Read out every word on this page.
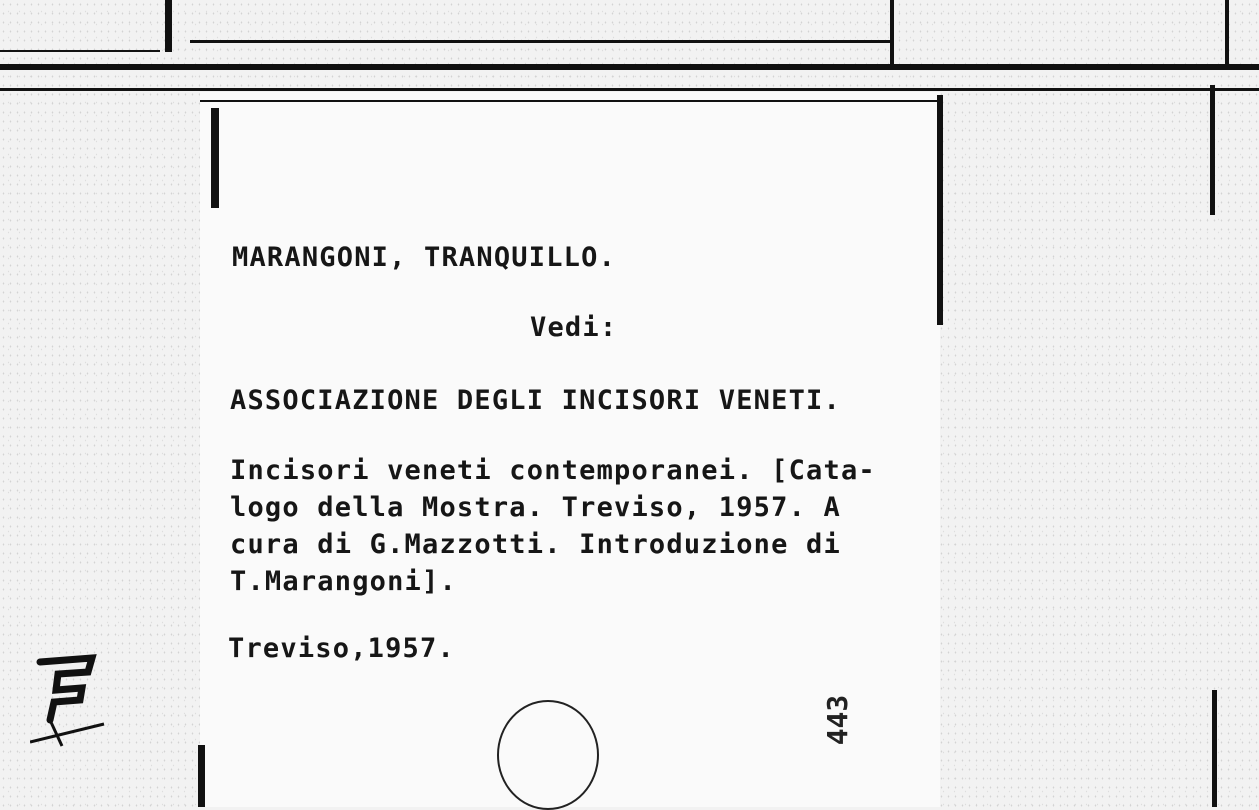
MARANGONI, TRANQUILLO.
Vedi:
ASSOCIAZIONE DEGLI INCISORI VENETI.
Incisori veneti contemporanei. [Cata-
logo della Mostra. Treviso, 1957. A
cura di G.Mazzotti. Introduzione di
T.Marangoni].
Treviso,1957.
443
